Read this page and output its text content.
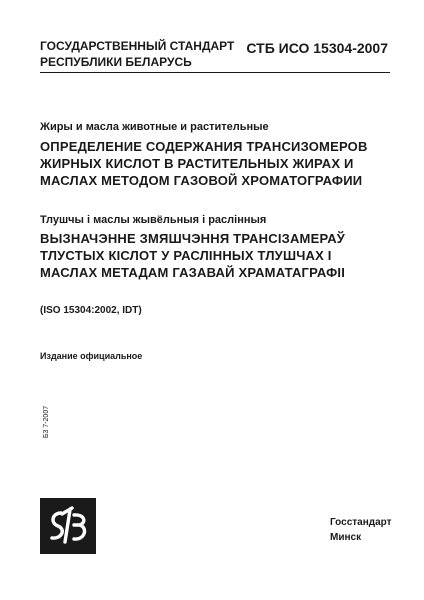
ГОСУДАРСТВЕННЫЙ СТАНДАРТ
РЕСПУБЛИКИ БЕЛАРУСЬ
СТБ ИСО 15304-2007
Жиры и масла животные и растительные
ОПРЕДЕЛЕНИЕ СОДЕРЖАНИЯ ТРАНСИЗОМЕРОВ
ЖИРНЫХ КИСЛОТ В РАСТИТЕЛЬНЫХ ЖИРАХ И
МАСЛАХ МЕТОДОМ ГАЗОВОЙ ХРОМАТОГРАФИИ
Тлушчы і маслы жывёльныя і раслінныя
ВЫЗНАЧЭННЕ ЗМЯШЧЭННЯ ТРАНСІЗАМЕРАЎ
ТЛУСТЫХ КІСЛОТ У РАСЛІННЫХ ТЛУШЧАХ І
МАСЛАХ МЕТАДАМ ГАЗАВАЙ ХРАМАТАГРАФІІ
(ISO 15304:2002, IDT)
Издание официальное
Б3 7-2007
Госстандарт
Минск
